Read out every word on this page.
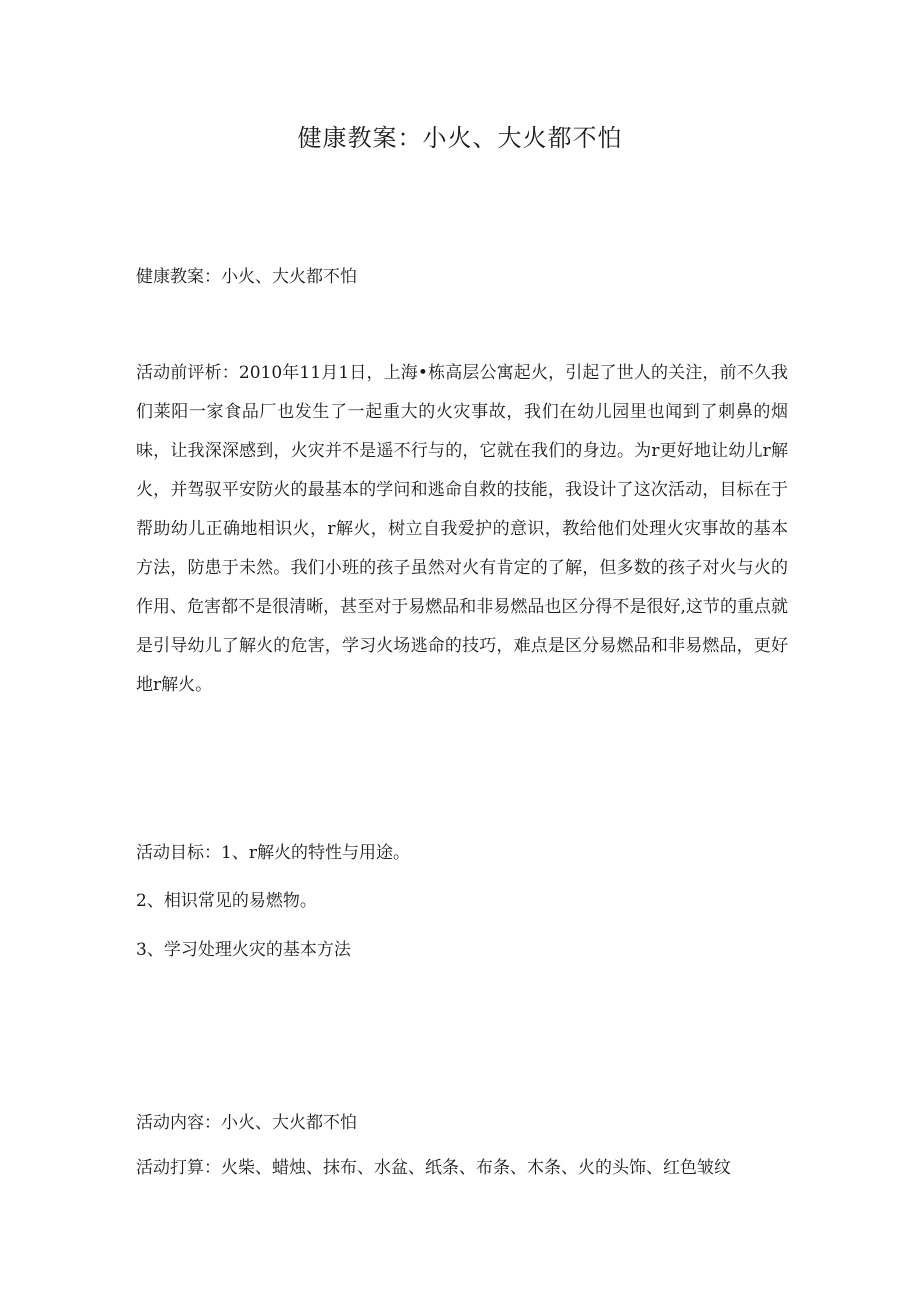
健康教案：小火、大火都不怕
健康教案：小火、大火都不怕

活动前评析：2010年11月1日，上海•栋高层公寓起火，引起了世人的关注，前不久我们莱阳一家食品厂也发生了一起重大的火灾事故，我们在幼儿园里也闻到了刺鼻的烟味，让我深深感到，火灾并不是遥不行与的，它就在我们的身边。为r更好地让幼儿r解火，并驾驭平安防火的最基本的学问和逃命自救的技能，我设计了这次活动，目标在于帮助幼儿正确地相识火，r解火，树立自我爱护的意识，教给他们处理火灾事故的基本方法，防患于未然。我们小班的孩子虽然对火有肯定的了解，但多数的孩子对火与火的作用、危害都不是很清晰，甚至对于易燃品和非易燃品也区分得不是很好,这节的重点就是引导幼儿了解火的危害，学习火场逃命的技巧，难点是区分易燃品和非易燃品，更好地r解火。

活动目标：1、r解火的特性与用途。
2、相识常见的易燃物。
3、学习处理火灾的基本方法
活动内容：小火、大火都不怕
活动打算：火柴、蜡烛、抹布、水盆、纸条、布条、木条、火的头饰、红色皱纹
